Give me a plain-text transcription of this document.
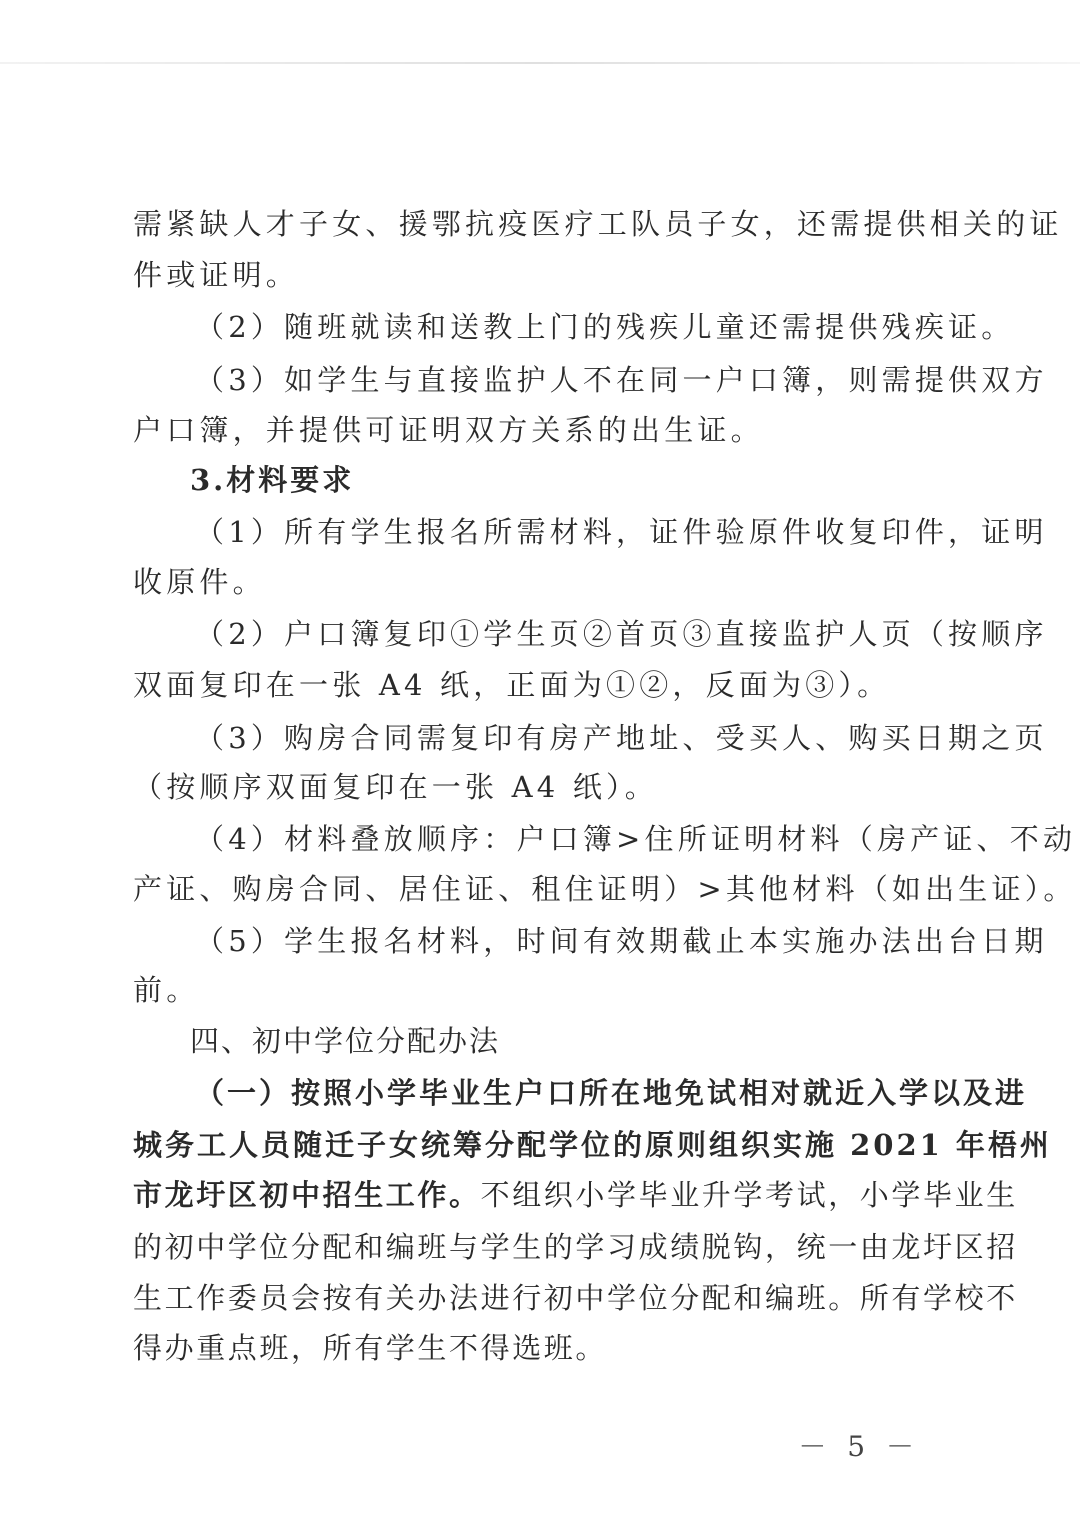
需紧缺人才子女、援鄂抗疫医疗工队员子女，还需提供相关的证
件或证明。
（2）随班就读和送教上门的残疾儿童还需提供残疾证。
（3）如学生与直接监护人不在同一户口簿，则需提供双方
户口簿，并提供可证明双方关系的出生证。
3.材料要求
（1）所有学生报名所需材料，证件验原件收复印件，证明
收原件。
（2）户口簿复印①学生页②首页③直接监护人页（按顺序
双面复印在一张 A4 纸，正面为①②，反面为③）。
（3）购房合同需复印有房产地址、受买人、购买日期之页
（按顺序双面复印在一张 A4 纸）。
（4）材料叠放顺序：户口簿>住所证明材料（房产证、不动
产证、购房合同、居住证、租住证明）>其他材料（如出生证）。
（5）学生报名材料，时间有效期截止本实施办法出台日期
前。
四、初中学位分配办法
（一）按照小学毕业生户口所在地免试相对就近入学以及进
城务工人员随迁子女统筹分配学位的原则组织实施 2021 年梧州
市龙圩区初中招生工作。不组织小学毕业升学考试，小学毕业生
的初中学位分配和编班与学生的学习成绩脱钩，统一由龙圩区招
生工作委员会按有关办法进行初中学位分配和编班。所有学校不
得办重点班，所有学生不得选班。
－ 5 －
